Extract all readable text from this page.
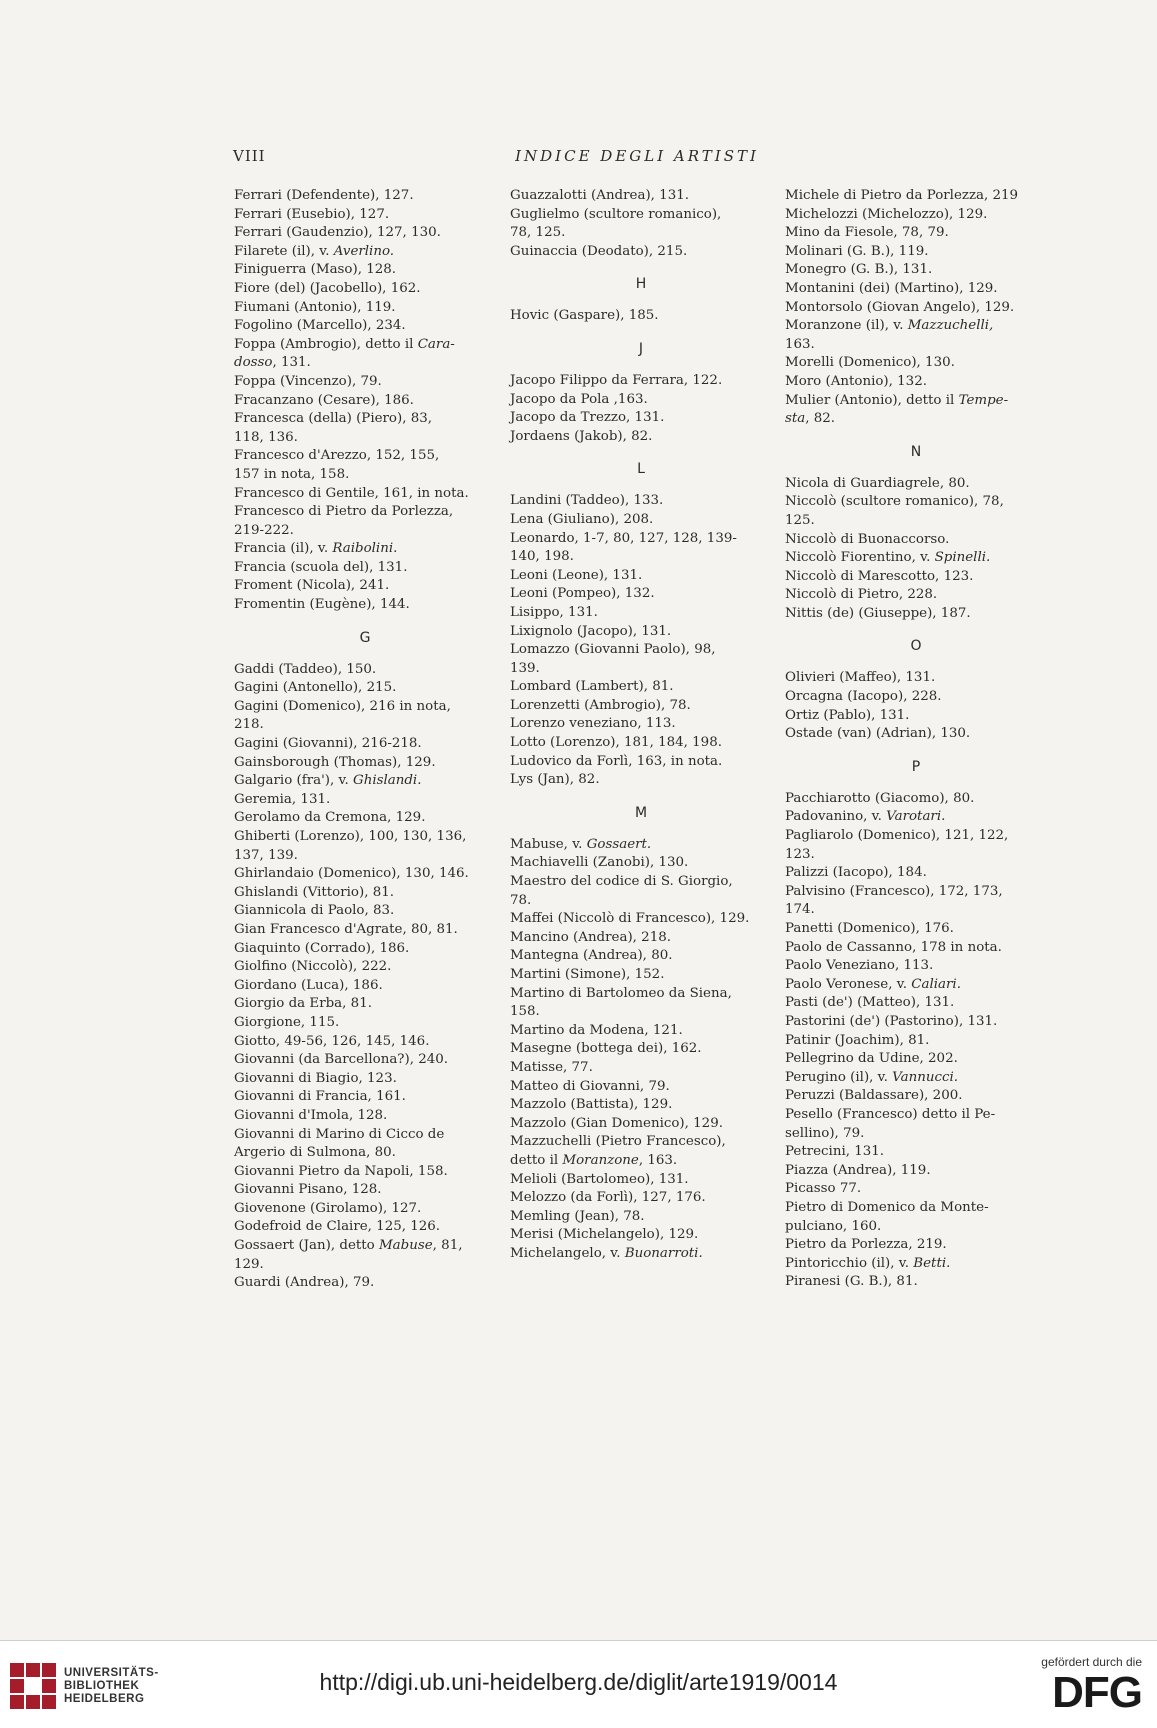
VIII	INDICE DEGLI ARTISTI
Ferrari (Defendente), 127.
Ferrari (Eusebio), 127.
Ferrari (Gaudenzio), 127, 130.
Filarete (il), v. Averlino.
Finiguerra (Maso), 128.
Fiore (del) (Jacobello), 162.
Fiumani (Antonio), 119.
Fogolino (Marcello), 234.
Foppa (Ambrogio), detto il Cara-
dosso, 131.
Foppa (Vincenzo), 79.
Fracanzano (Cesare), 186.
Francesca (della) (Piero), 83,
118, 136.
Francesco d'Arezzo, 152, 155,
157 in nota, 158.
Francesco di Gentile, 161, in nota.
Francesco di Pietro da Porlezza,
219-222.
Francia (il), v. Raibolini.
Francia (scuola del), 131.
Froment (Nicola), 241.
Fromentin (Eugène), 144.
G
Gaddi (Taddeo), 150.
Gagini (Antonello), 215.
Gagini (Domenico), 216 in nota,
218.
Gagini (Giovanni), 216-218.
Gainsborough (Thomas), 129.
Galgario (fra'), v. Ghislandi.
Geremia, 131.
Gerolamo da Cremona, 129.
Ghiberti (Lorenzo), 100, 130, 136,
137, 139.
Ghirlandaio (Domenico), 130, 146.
Ghislandi (Vittorio), 81.
Giannicola di Paolo, 83.
Gian Francesco d'Agrate, 80, 81.
Giaquinto (Corrado), 186.
Giolfino (Niccolò), 222.
Giordano (Luca), 186.
Giorgio da Erba, 81.
Giorgione, 115.
Giotto, 49-56, 126, 145, 146.
Giovanni (da Barcellona?), 240.
Giovanni di Biagio, 123.
Giovanni di Francia, 161.
Giovanni d'Imola, 128.
Giovanni di Marino di Cicco de
Argerio di Sulmona, 80.
Giovanni Pietro da Napoli, 158.
Giovanni Pisano, 128.
Giovenone (Girolamo), 127.
Godefroid de Claire, 125, 126.
Gossaert (Jan), detto Mabuse, 81,
129.
Guardi (Andrea), 79.
Guazzalotti (Andrea), 131.
Guglielmo (scultore romanico),
78, 125.
Guinaccia (Deodato), 215.
H
Hovic (Gaspare), 185.
J
Jacopo Filippo da Ferrara, 122.
Jacopo da Pola ,163.
Jacopo da Trezzo, 131.
Jordaens (Jakob), 82.
L
Landini (Taddeo), 133.
Lena (Giuliano), 208.
Leonardo, 1-7, 80, 127, 128, 139-
140, 198.
Leoni (Leone), 131.
Leoni (Pompeo), 132.
Lisippo, 131.
Lixignolo (Jacopo), 131.
Lomazzo (Giovanni Paolo), 98,
139.
Lombard (Lambert), 81.
Lorenzetti (Ambrogio), 78.
Lorenzo veneziano, 113.
Lotto (Lorenzo), 181, 184, 198.
Ludovico da Forlì, 163, in nota.
Lys (Jan), 82.
M
Mabuse, v. Gossaert.
Machiavelli (Zanobi), 130.
Maestro del codice di S. Giorgio,
78.
Maffei (Niccolò di Francesco), 129.
Mancino (Andrea), 218.
Mantegna (Andrea), 80.
Martini (Simone), 152.
Martino di Bartolomeo da Siena,
158.
Martino da Modena, 121.
Masegne (bottega dei), 162.
Matisse, 77.
Matteo di Giovanni, 79.
Mazzolo (Battista), 129.
Mazzolo (Gian Domenico), 129.
Mazzuchelli (Pietro Francesco),
detto il Moranzone, 163.
Melioli (Bartolomeo), 131.
Melozzo (da Forlì), 127, 176.
Memling (Jean), 78.
Merisi (Michelangelo), 129.
Michelangelo, v. Buonarroti.
Michele di Pietro da Porlezza, 219
Michelozzi (Michelozzo), 129.
Mino da Fiesole, 78, 79.
Molinari (G. B.), 119.
Monegro (G. B.), 131.
Montanini (dei) (Martino), 129.
Montorsolo (Giovan Angelo), 129.
Moranzone (il), v. Mazzuchelli,
163.
Morelli (Domenico), 130.
Moro (Antonio), 132.
Mulier (Antonio), detto il Tempe-
sta, 82.
N
Nicola di Guardiagrele, 80.
Niccolò (scultore romanico), 78,
125.
Niccolò di Buonaccorso.
Niccolò Fiorentino, v. Spinelli.
Niccolò di Marescotto, 123.
Niccolò di Pietro, 228.
Nittis (de) (Giuseppe), 187.
O
Olivieri (Maffeo), 131.
Orcagna (Iacopo), 228.
Ortiz (Pablo), 131.
Ostade (van) (Adrian), 130.
P
Pacchiarotto (Giacomo), 80.
Padovanino, v. Varotari.
Pagliarolo (Domenico), 121, 122,
123.
Palizzi (Iacopo), 184.
Palvisino (Francesco), 172, 173,
174.
Panetti (Domenico), 176.
Paolo de Cassanno, 178 in nota.
Paolo Veneziano, 113.
Paolo Veronese, v. Caliari.
Pasti (de') (Matteo), 131.
Pastorini (de') (Pastorino), 131.
Patinir (Joachim), 81.
Pellegrino da Udine, 202.
Perugino (il), v. Vannucci.
Peruzzi (Baldassare), 200.
Pesello (Francesco) detto il Pe-
sellino), 79.
Petrecini, 131.
Piazza (Andrea), 119.
Picasso 77.
Pietro di Domenico da Monte-
pulciano, 160.
Pietro da Porlezza, 219.
Pintoricchio (il), v. Betti.
Piranesi (G. B.), 81.
UNIVERSITÄTS-
BIBLIOTHEK
HEIDELBERG
http://digi.ub.uni-heidelberg.de/diglit/arte1919/0014
gefördert durch die
DFG
